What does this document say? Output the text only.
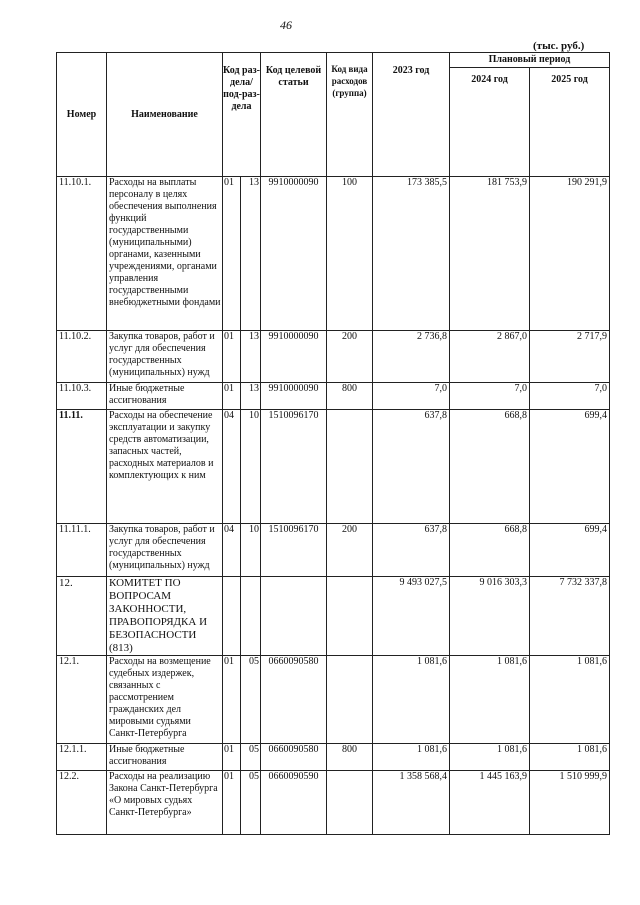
46
(тыс. руб.)
Номер	Наименование	Код раз-дела/ под-раз-дела		Код целевой статьи	Код вида расходов (группа)	2023 год	Плановый период	
							2024 год	2025 год
11.10.1.	Расходы на выплаты персоналу в целях обеспечения выполнения функций государственными (муниципальными) органами, казенными учреждениями, органами управления государственными внебюджетными фондами	01	13	9910000090	100	173 385,5	181 753,9	190 291,9
11.10.2.	Закупка товаров, работ и услуг для обеспечения государственных (муниципальных) нужд	01	13	9910000090	200	2 736,8	2 867,0	2 717,9
11.10.3.	Иные бюджетные ассигнования	01	13	9910000090	800	7,0	7,0	7,0
11.11.	Расходы на обеспечение эксплуатации и закупку средств автоматизации, запасных частей, расходных материалов и комплектующих к ним	04	10	1510096170		637,8	668,8	699,4
11.11.1.	Закупка товаров, работ и услуг для обеспечения государственных (муниципальных) нужд	04	10	1510096170	200	637,8	668,8	699,4
12.	КОМИТЕТ ПО ВОПРОСАМ ЗАКОННОСТИ, ПРАВОПОРЯДКА И БЕЗОПАСНОСТИ (813)					9 493 027,5	9 016 303,3	7 732 337,8
12.1.	Расходы на возмещение судебных издержек, связанных с рассмотрением гражданских дел мировыми судьями Санкт-Петербурга	01	05	0660090580		1 081,6	1 081,6	1 081,6
12.1.1.	Иные бюджетные ассигнования	01	05	0660090580	800	1 081,6	1 081,6	1 081,6
12.2.	Расходы на реализацию Закона Санкт-Петербурга «О мировых судьях Санкт-Петербурга»	01	05	0660090590		1 358 568,4	1 445 163,9	1 510 999,9
